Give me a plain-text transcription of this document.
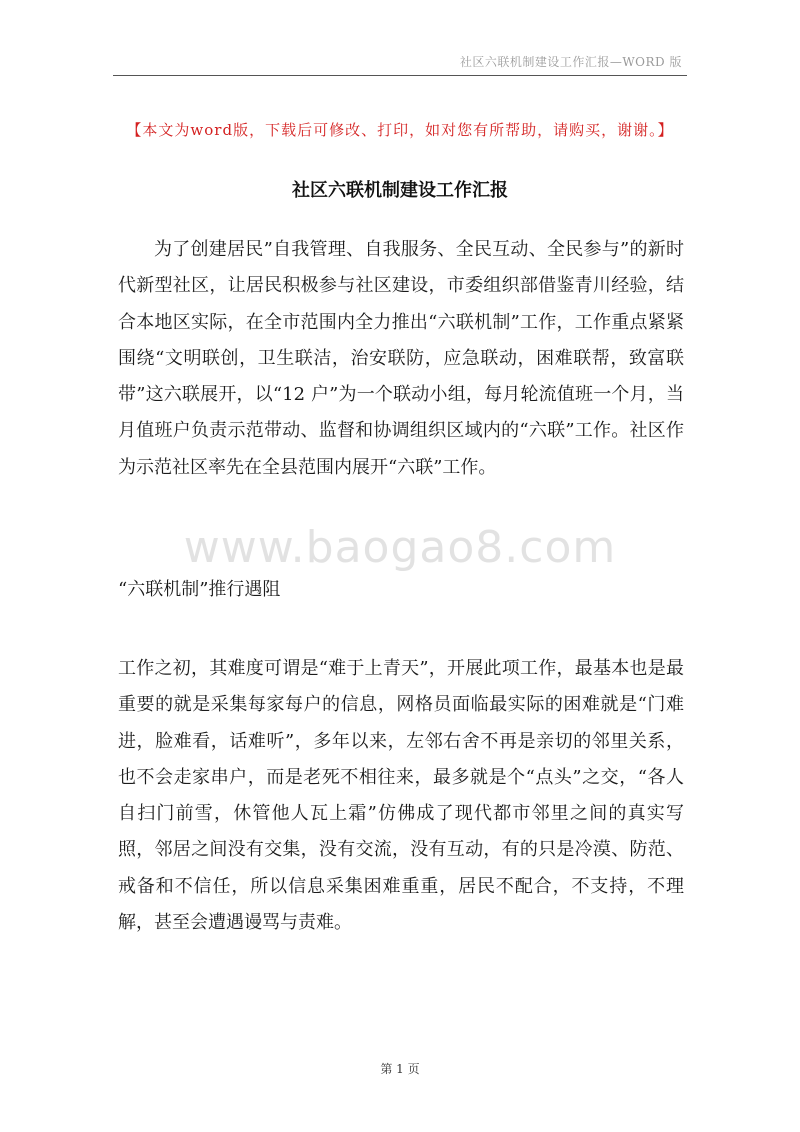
社区六联机制建设工作汇报—WORD 版
【本文为word版，下载后可修改、打印，如对您有所帮助，请购买，谢谢。】
社区六联机制建设工作汇报

为了创建居民”自我管理、自我服务、全民互动、全民参与”的新时代新型社区，让居民积极参与社区建设，市委组织部借鉴青川经验，结合本地区实际，在全市范围内全力推出“六联机制”工作，工作重点紧紧围绕“文明联创，卫生联洁，治安联防，应急联动，困难联帮，致富联带”这六联展开，以“12 户”为一个联动小组，每月轮流值班一个月，当月值班户负责示范带动、监督和协调组织区域内的“六联”工作。社区作为示范社区率先在全县范围内展开“六联”工作。

www.baogao8.com

“六联机制”推行遇阻

工作之初，其难度可谓是“难于上青天”，开展此项工作，最基本也是最重要的就是采集每家每户的信息，网格员面临最实际的困难就是“门难进，脸难看，话难听”，多年以来，左邻右舍不再是亲切的邻里关系，也不会走家串户，而是老死不相往来，最多就是个“点头”之交，“各人自扫门前雪，休管他人瓦上霜”仿佛成了现代都市邻里之间的真实写照，邻居之间没有交集，没有交流，没有互动，有的只是冷漠、防范、戒备和不信任，所以信息采集困难重重，居民不配合，不支持，不理解，甚至会遭遇谩骂与责难。

第 1 页
